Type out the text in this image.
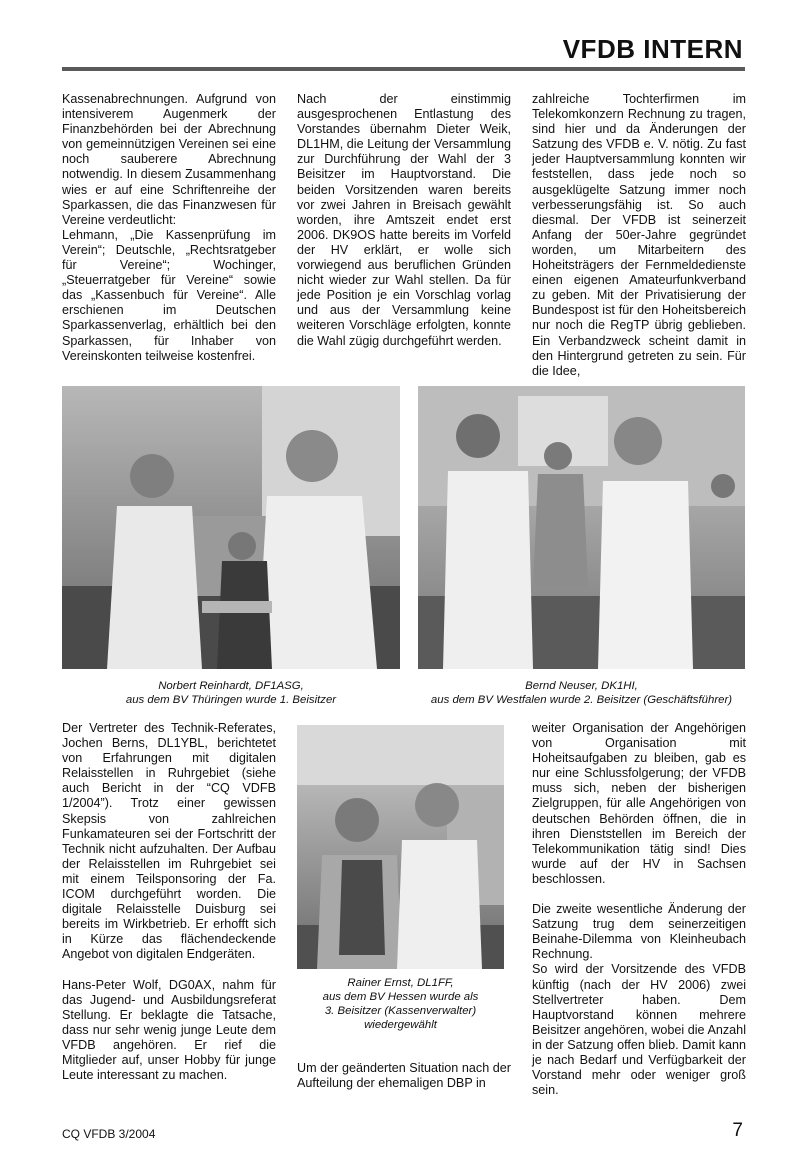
VFDB INTERN

Kassenabrechnungen. Aufgrund von intensiverem Augenmerk der Finanzbehörden bei der Abrechnung von gemeinnützigen Vereinen sei eine noch sauberere Abrechnung notwendig. In diesem Zusammenhang wies er auf eine Schriftenreihe der Sparkassen, die das Finanzwesen für Vereine verdeutlicht:

Lehmann, „Die Kassenprüfung im Verein“; Deutschle, „Rechtsratgeber für Vereine“; Wochinger, „Steuerratgeber für Vereine“ sowie das „Kassenbuch für Vereine“. Alle erschienen im Deutschen Sparkassenverlag, erhältlich bei den Sparkassen, für Inhaber von Vereinskonten teilweise kostenfrei.

Nach der einstimmig ausgesprochenen Entlastung des Vorstandes übernahm Dieter Weik, DL1HM, die Leitung der Versammlung zur Durchführung der Wahl der 3 Beisitzer im Hauptvorstand. Die beiden Vorsitzenden waren bereits vor zwei Jahren in Breisach gewählt worden, ihre Amtszeit endet erst 2006. DK9OS hatte bereits im Vorfeld der HV erklärt, er wolle sich vorwiegend aus beruflichen Gründen nicht wieder zur Wahl stellen. Da für jede Position je ein Vorschlag vorlag und aus der Versammlung keine weiteren Vorschläge erfolgten, konnte die Wahl zügig durchgeführt werden.

zahlreiche Tochterfirmen im Telekomkonzern Rechnung zu tragen, sind hier und da Änderungen der Satzung des VFDB e. V. nötig. Zu fast jeder Hauptversammlung konnten wir feststellen, dass jede noch so ausgeklügelte Satzung immer noch verbesserungsfähig ist. So auch diesmal. Der VFDB ist seinerzeit Anfang der 50er-Jahre gegründet worden, um Mitarbeitern des Hoheitsträgers der Fernmeldedienste einen eigenen Amateurfunkverband zu geben. Mit der Privatisierung der Bundespost ist für den Hoheitsbereich nur noch die RegTP übrig geblieben. Ein Verbandzweck scheint damit in den Hintergrund getreten zu sein. Für die Idee,

Norbert Reinhardt, DF1ASG,
aus dem BV Thüringen wurde 1. Beisitzer
Bernd Neuser, DK1HI,
aus dem BV Westfalen wurde 2. Beisitzer (Geschäftsführer)

Der Vertreter des Technik-Referates, Jochen Berns, DL1YBL, berichtetet von Erfahrungen mit digitalen Relaisstellen in Ruhrgebiet (siehe auch Bericht in der “CQ VDFB 1/2004”). Trotz einer gewissen Skepsis von zahlreichen Funkamateuren sei der Fortschritt der Technik nicht aufzuhalten. Der Aufbau der Relaisstellen im Ruhrgebiet sei mit einem Teilsponsoring der Fa. ICOM durchgeführt worden. Die digitale Relaisstelle Duisburg sei bereits im Wirkbetrieb. Er erhofft sich in Kürze das flächendeckende Angebot von digitalen Endgeräten.

Hans-Peter Wolf, DG0AX, nahm für das Jugend- und Ausbildungsreferat Stellung. Er beklagte die Tatsache, dass nur sehr wenig junge Leute dem VFDB angehören. Er rief die Mitglieder auf, unser Hobby für junge Leute interessant zu machen.

Rainer Ernst, DL1FF,
aus dem BV Hessen wurde als
3. Beisitzer (Kassenverwalter)
wiedergewählt

Um der geänderten Situation nach der Aufteilung der ehemaligen DBP in

weiter Organisation der Angehörigen von Organisation mit Hoheitsaufgaben zu bleiben, gab es nur eine Schlussfolgerung; der VFDB muss sich, neben der bisherigen Zielgruppen, für alle Angehörigen von deutschen Behörden öffnen, die in ihren Dienststellen im Bereich der Telekommunikation tätig sind! Dies wurde auf der HV in Sachsen beschlossen.

Die zweite wesentliche Änderung der Satzung trug dem seinerzeitigen Beinahe-Dilemma von Kleinheubach Rechnung.

So wird der Vorsitzende des VFDB künftig (nach der HV 2006) zwei Stellvertreter haben. Dem Hauptvorstand können mehrere Beisitzer angehören, wobei die Anzahl in der Satzung offen blieb. Damit kann je nach Bedarf und Verfügbarkeit der Vorstand mehr oder weniger groß sein.

CQ VFDB 3/2004	7
